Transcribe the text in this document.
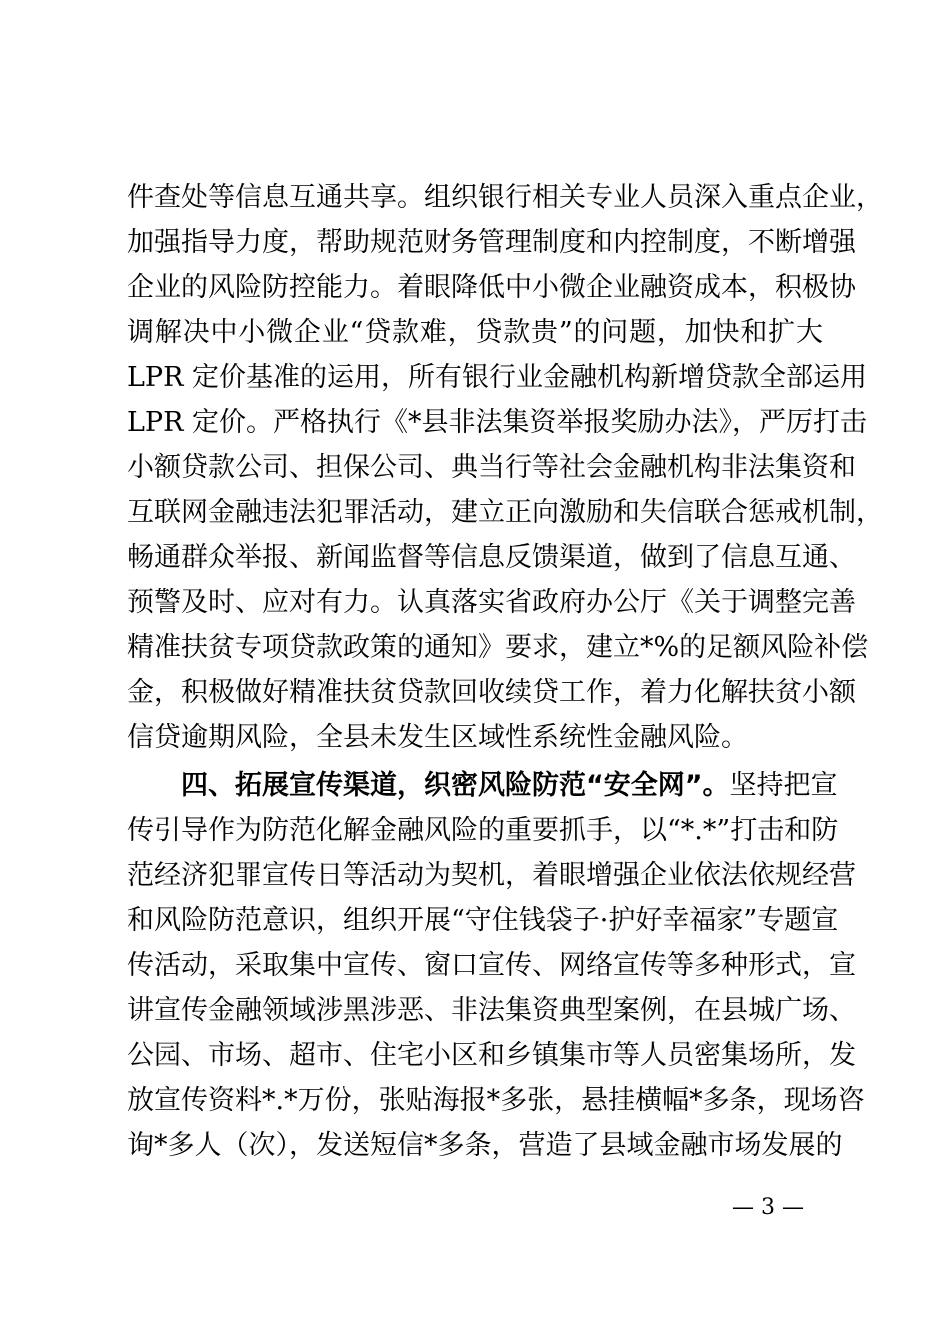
件查处等信息互通共享。组织银行相关专业人员深入重点企业，
加强指导力度，帮助规范财务管理制度和内控制度，不断增强
企业的风险防控能力。着眼降低中小微企业融资成本，积极协
调解决中小微企业“贷款难，贷款贵”的问题，加快和扩大
LPR 定价基准的运用，所有银行业金融机构新增贷款全部运用
LPR 定价。严格执行《*县非法集资举报奖励办法》，严厉打击
小额贷款公司、担保公司、典当行等社会金融机构非法集资和
互联网金融违法犯罪活动，建立正向激励和失信联合惩戒机制，
畅通群众举报、新闻监督等信息反馈渠道，做到了信息互通、
预警及时、应对有力。认真落实省政府办公厅《关于调整完善
精准扶贫专项贷款政策的通知》要求，建立*%的足额风险补偿
金，积极做好精准扶贫贷款回收续贷工作，着力化解扶贫小额
信贷逾期风险，全县未发生区域性系统性金融风险。
四、拓展宣传渠道，织密风险防范“安全网”。坚持把宣
传引导作为防范化解金融风险的重要抓手，以“*.*”打击和防
范经济犯罪宣传日等活动为契机，着眼增强企业依法依规经营
和风险防范意识，组织开展“守住钱袋子·护好幸福家”专题宣
传活动，采取集中宣传、窗口宣传、网络宣传等多种形式，宣
讲宣传金融领域涉黑涉恶、非法集资典型案例，在县城广场、
公园、市场、超市、住宅小区和乡镇集市等人员密集场所，发
放宣传资料*.*万份，张贴海报*多张，悬挂横幅*多条，现场咨
询*多人（次），发送短信*多条，营造了县域金融市场发展的
— 3 —
